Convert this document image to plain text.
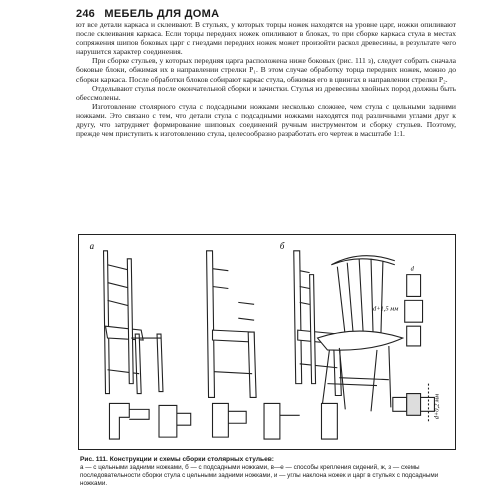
246 МЕБЕЛЬ ДЛЯ ДОМА

ют все детали каркаса и склеивают. В стульях, у которых торцы ножек находятся на уровне царг, ножки опиливают после склеивания каркаса. Если торцы передних ножек опиливают в блоках, то при сборке каркаса стула в местах сопряжения шипов боковых царг с гнездами передних ножек может произойти раскол древесины, в результате чего нарушится характер соединения.

При сборке стульев, у которых передняя царга расположена ниже боковых (рис. 111 з), следует собрать сначала боковые блоки, обжимая их в направлении стрелки P₁. В этом случае обработку торца передних ножек, можно до сборки каркаса. После обработки блоков собирают каркас стула, обжимая его в цвингах в направлении стрелки P₂.

Отделывают стулья после окончательной сборки и зачистки. Стулья из древесины хвойных пород должны быть обессмолены.

Изготовление столярного стула с подсадными ножками несколько сложнее, чем стула с цельными задними ножками. Это связано с тем, что детали стула с подсадными ножками находятся под различными углами друг к другу, что затрудняет формирование шиповых соединений ручным инструментом и сборку стульев. Поэтому, прежде чем приступить к изготовлению стула, целесообразно разработать его чертеж в масштабе 1:1.

а	б
d
d+1,5 мм
d+0,2 мм
Рис. 111. Конструкции и схемы сборки столярных стульев:
а — с цельными задними ножками, б — с подсадными ножками, в—е — способы крепления сидений, ж, з — схемы последовательности сборки стула с цельными задними ножками, и — углы наклона ножек и царг в стульях с подсадными ножками.
